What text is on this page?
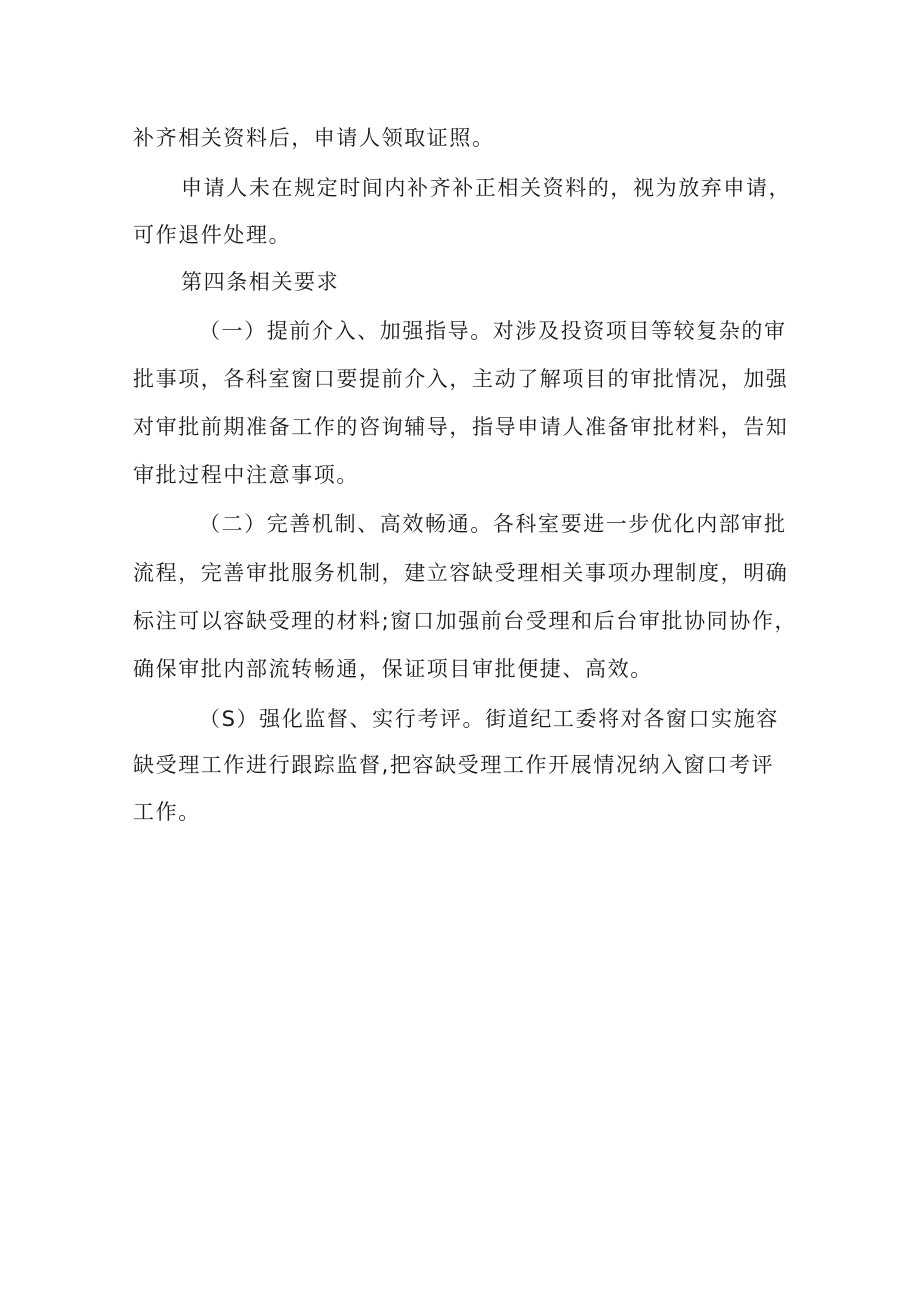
补齐相关资料后，申请人领取证照。
申请人未在规定时间内补齐补正相关资料的，视为放弃申请，
可作退件处理。
第四条相关要求
（一）提前介入、加强指导。对涉及投资项目等较复杂的审
批事项，各科室窗口要提前介入，主动了解项目的审批情况，加强
对审批前期准备工作的咨询辅导，指导申请人准备审批材料，告知
审批过程中注意事项。
（二）完善机制、高效畅通。各科室要进一步优化内部审批
流程，完善审批服务机制，建立容缺受理相关事项办理制度，明确
标注可以容缺受理的材料;窗口加强前台受理和后台审批协同协作，
确保审批内部流转畅通，保证项目审批便捷、高效。
（S）强化监督、实行考评。街道纪工委将对各窗口实施容
缺受理工作进行跟踪监督,把容缺受理工作开展情况纳入窗口考评
工作。
